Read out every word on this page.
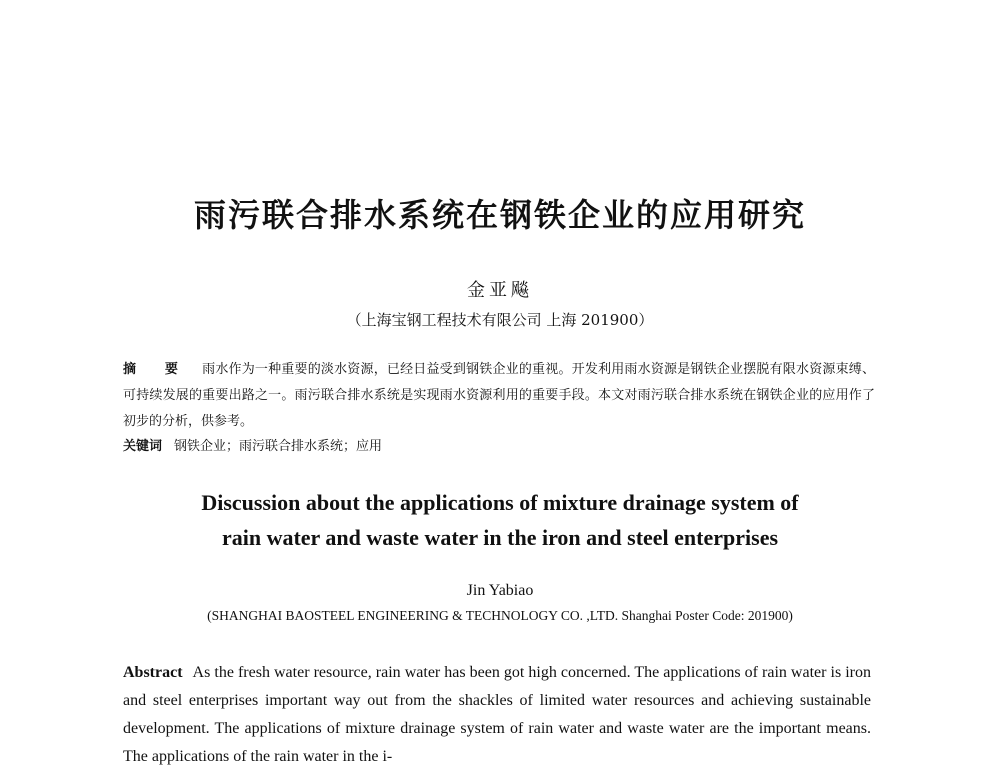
雨污联合排水系统在钢铁企业的应用研究
金亚飚
（上海宝钢工程技术有限公司 上海 201900）
摘 要 雨水作为一种重要的淡水资源，已经日益受到钢铁企业的重视。开发利用雨水资源是钢铁企业摆脱有限水资源束缚、可持续发展的重要出路之一。雨污联合排水系统是实现雨水资源利用的重要手段。本文对雨污联合排水系统在钢铁企业的应用作了初步的分析，供参考。
关键词 钢铁企业；雨污联合排水系统；应用
Discussion about the applications of mixture drainage system of
rain water and waste water in the iron and steel enterprises
Jin Yabiao
(SHANGHAI BAOSTEEL ENGINEERING & TECHNOLOGY CO. ,LTD. Shanghai Poster Code: 201900)
Abstract As the fresh water resource, rain water has been got high concerned. The applications of rain water is iron and steel enterprises important way out from the shackles of limited water resources and achieving sustainable development. The applications of mixture drainage system of rain water and waste water are the important means. The applications of the rain water in the i-
